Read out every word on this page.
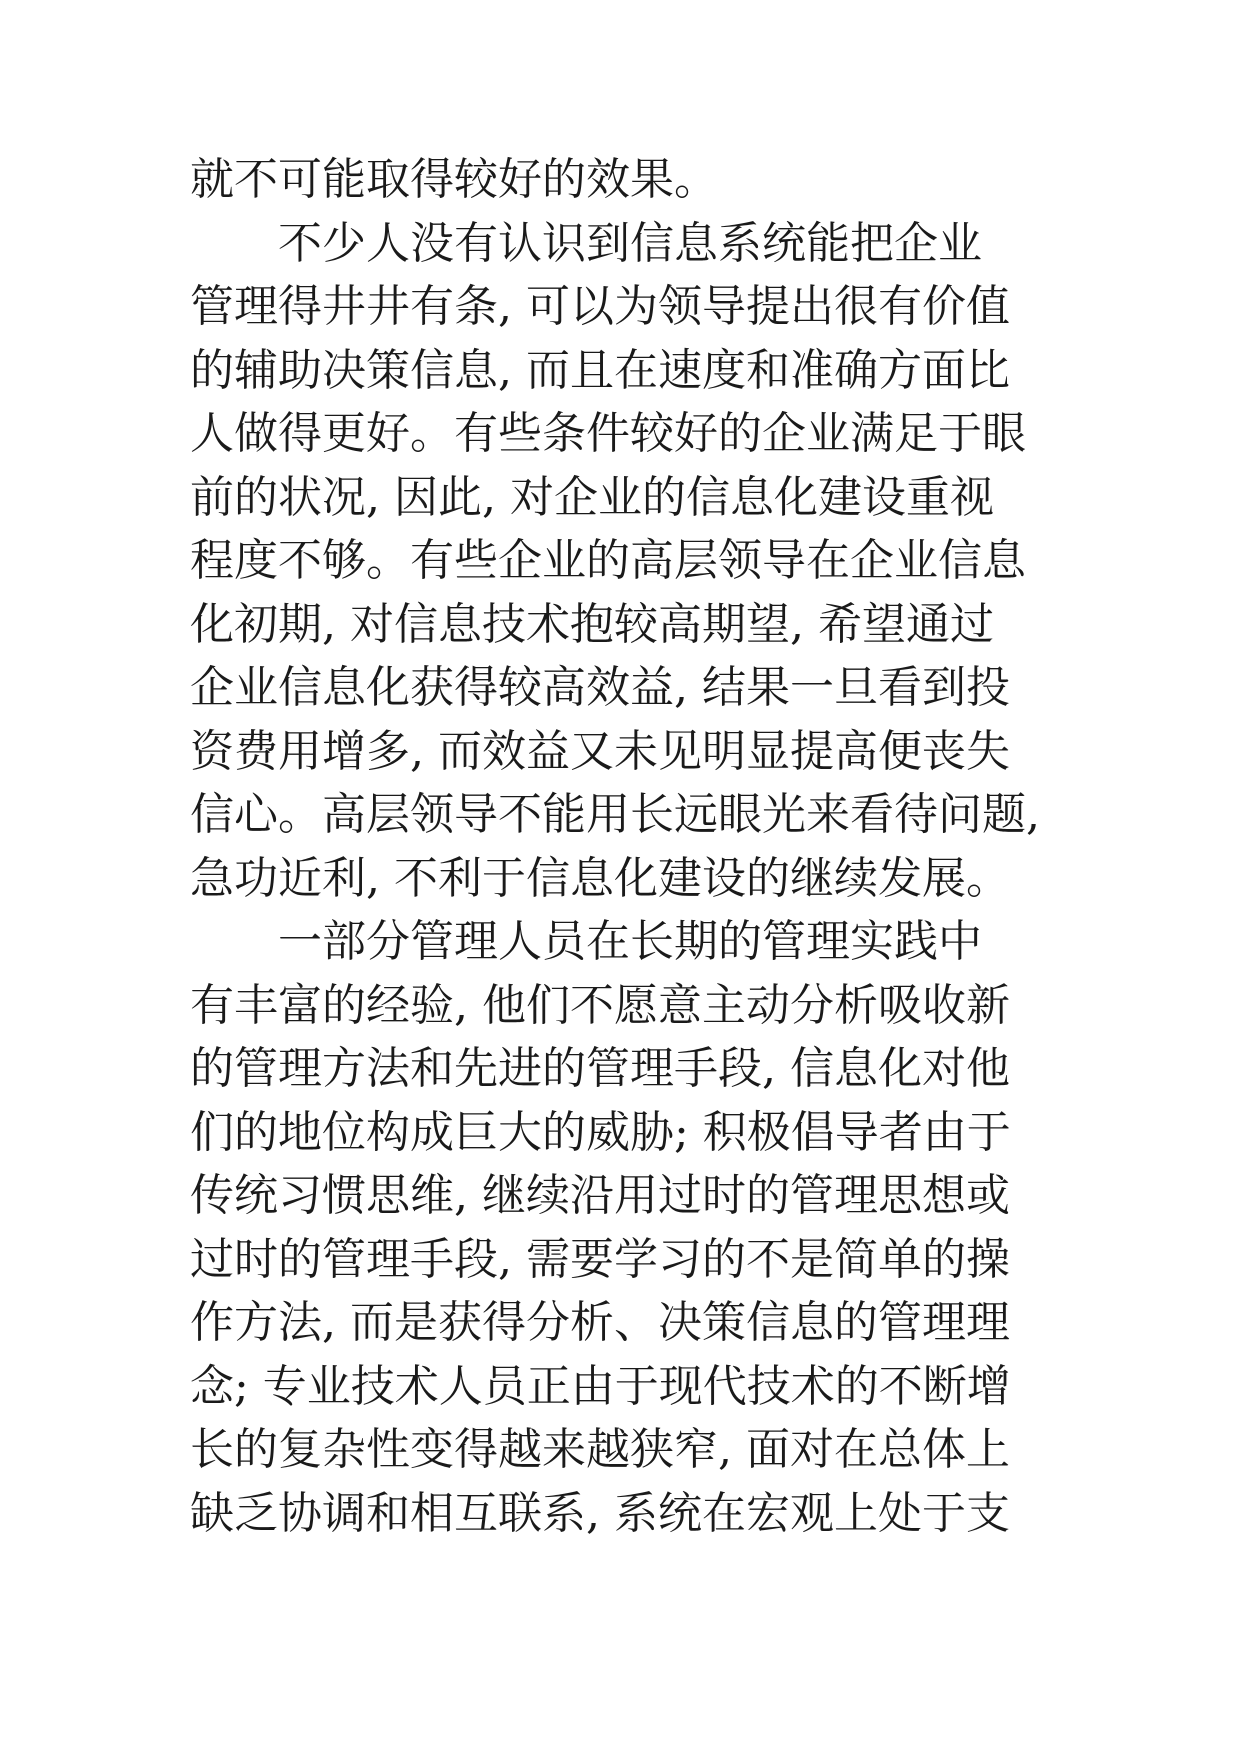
就不可能取得较好的效果。
不少人没有认识到信息系统能把企业
管理得井井有条, 可以为领导提出很有价值
的辅助决策信息, 而且在速度和准确方面比
人做得更好。有些条件较好的企业满足于眼
前的状况, 因此, 对企业的信息化建设重视
程度不够。有些企业的高层领导在企业信息
化初期, 对信息技术抱较高期望, 希望通过
企业信息化获得较高效益, 结果一旦看到投
资费用增多, 而效益又未见明显提高便丧失
信心。高层领导不能用长远眼光来看待问题,
急功近利, 不利于信息化建设的继续发展。
一部分管理人员在长期的管理实践中
有丰富的经验, 他们不愿意主动分析吸收新
的管理方法和先进的管理手段, 信息化对他
们的地位构成巨大的威胁; 积极倡导者由于
传统习惯思维, 继续沿用过时的管理思想或
过时的管理手段, 需要学习的不是简单的操
作方法, 而是获得分析、决策信息的管理理
念; 专业技术人员正由于现代技术的不断增
长的复杂性变得越来越狭窄, 面对在总体上
缺乏协调和相互联系, 系统在宏观上处于支
